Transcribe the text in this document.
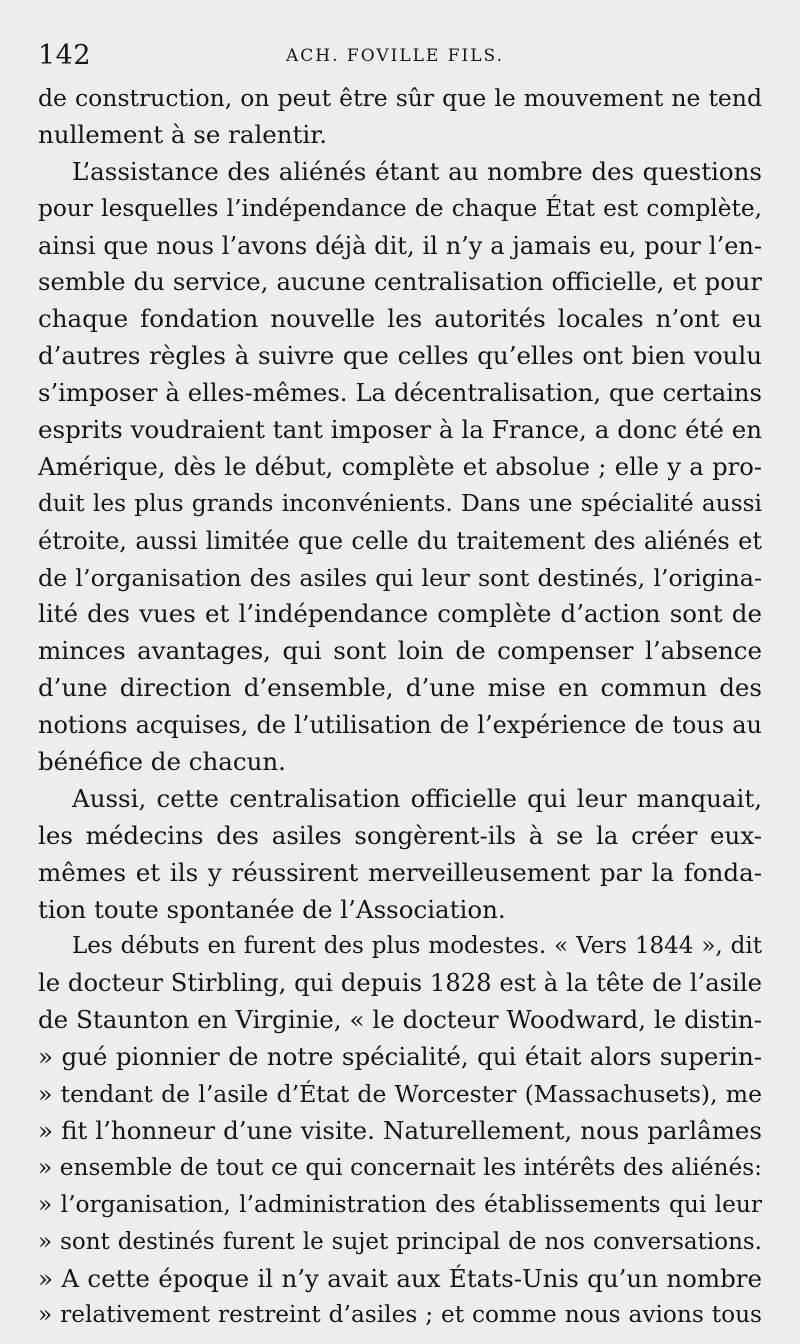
142	ACH. FOVILLE FILS.
de construction, on peut être sûr que le mouvement ne tend
nullement à se ralentir.
L’assistance des aliénés étant au nombre des questions
pour lesquelles l’indépendance de chaque État est complète,
ainsi que nous l’avons déjà dit, il n’y a jamais eu, pour l’en-
semble du service, aucune centralisation officielle, et pour
chaque fondation nouvelle les autorités locales n’ont eu
d’autres règles à suivre que celles qu’elles ont bien voulu
s’imposer à elles-mêmes. La décentralisation, que certains
esprits voudraient tant imposer à la France, a donc été en
Amérique, dès le début, complète et absolue ; elle y a pro-
duit les plus grands inconvénients. Dans une spécialité aussi
étroite, aussi limitée que celle du traitement des aliénés et
de l’organisation des asiles qui leur sont destinés, l’origina-
lité des vues et l’indépendance complète d’action sont de
minces avantages, qui sont loin de compenser l’absence
d’une direction d’ensemble, d’une mise en commun des
notions acquises, de l’utilisation de l’expérience de tous au
bénéfice de chacun.
Aussi, cette centralisation officielle qui leur manquait,
les médecins des asiles songèrent-ils à se la créer eux-
mêmes et ils y réussirent merveilleusement par la fonda-
tion toute spontanée de l’Association.
Les débuts en furent des plus modestes. « Vers 1844 », dit
le docteur Stirbling, qui depuis 1828 est à la tête de l’asile
de Staunton en Virginie, « le docteur Woodward, le distin-
» gué pionnier de notre spécialité, qui était alors superin-
» tendant de l’asile d’État de Worcester (Massachusets), me
» fit l’honneur d’une visite. Naturellement, nous parlâmes
» ensemble de tout ce qui concernait les intérêts des aliénés:
» l’organisation, l’administration des établissements qui leur
» sont destinés furent le sujet principal de nos conversations.
» A cette époque il n’y avait aux États-Unis qu’un nombre
» relativement restreint d’asiles ; et comme nous avions tous
